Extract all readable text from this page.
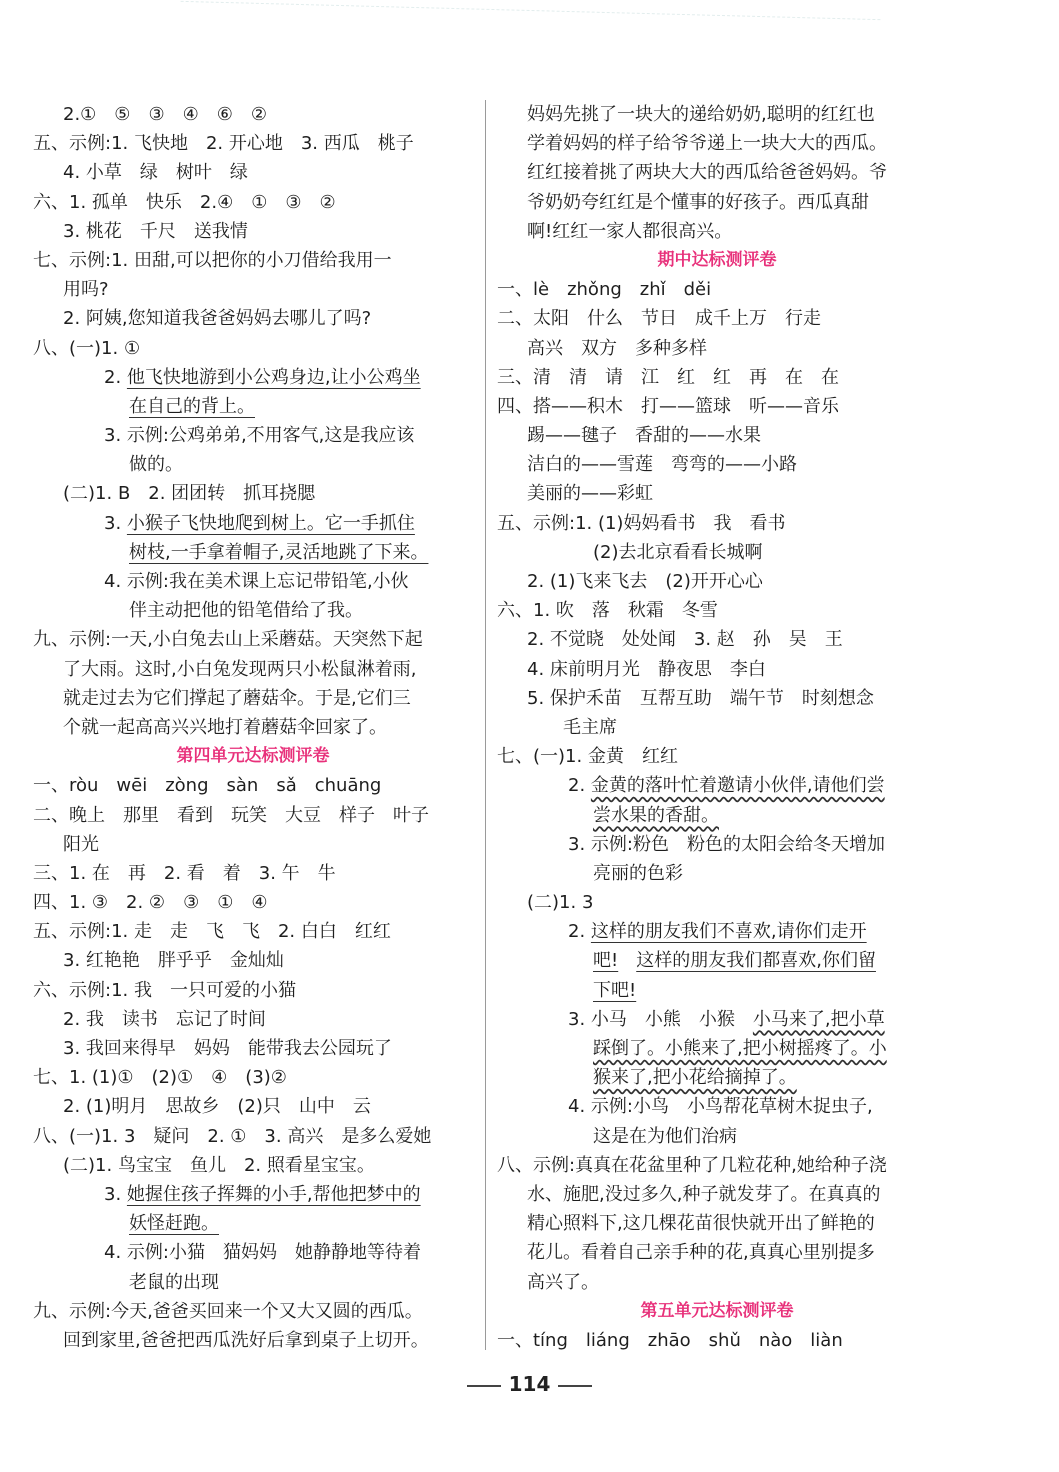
2.①　⑤　③　④　⑥　②
五、示例:1. 飞快地　2. 开心地　3. 西瓜　桃子
4. 小草　绿　树叶　绿
六、1. 孤单　快乐　2.④　①　③　②
3. 桃花　千尺　送我情
七、示例:1. 田甜,可以把你的小刀借给我用一
用吗?
2. 阿姨,您知道我爸爸妈妈去哪儿了吗?
八、(一)1. ①
2. 他飞快地游到小公鸡身边,让小公鸡坐
在自己的背上。
3. 示例:公鸡弟弟,不用客气,这是我应该
做的。
(二)1. B　2. 团团转　抓耳挠腮
3. 小猴子飞快地爬到树上。它一手抓住
树枝,一手拿着帽子,灵活地跳了下来。
4. 示例:我在美术课上忘记带铅笔,小伙
伴主动把他的铅笔借给了我。
九、示例:一天,小白兔去山上采蘑菇。天突然下起
了大雨。这时,小白兔发现两只小松鼠淋着雨,
就走过去为它们撑起了蘑菇伞。于是,它们三
个就一起高高兴兴地打着蘑菇伞回家了。
第四单元达标测评卷
一、ròu　wēi　zòng　sàn　sǎ　chuāng
二、晚上　那里　看到　玩笑　大豆　样子　叶子
阳光
三、1. 在　再　2. 看　着　3. 午　牛
四、1. ③　2. ②　③　①　④
五、示例:1. 走　走　飞　飞　2. 白白　红红
3. 红艳艳　胖乎乎　金灿灿
六、示例:1. 我　一只可爱的小猫
2. 我　读书　忘记了时间
3. 我回来得早　妈妈　能带我去公园玩了
七、1. (1)①　(2)①　④　(3)②
2. (1)明月　思故乡　(2)只　山中　云
八、(一)1. 3　疑问　2. ①　3. 高兴　是多么爱她
(二)1. 鸟宝宝　鱼儿　2. 照看星宝宝。
3. 她握住孩子挥舞的小手,帮他把梦中的
妖怪赶跑。
4. 示例:小猫　猫妈妈　她静静地等待着
老鼠的出现
九、示例:今天,爸爸买回来一个又大又圆的西瓜。
回到家里,爸爸把西瓜洗好后拿到桌子上切开。
妈妈先挑了一块大的递给奶奶,聪明的红红也
学着妈妈的样子给爷爷递上一块大大的西瓜。
红红接着挑了两块大大的西瓜给爸爸妈妈。爷
爷奶奶夸红红是个懂事的好孩子。西瓜真甜
啊!红红一家人都很高兴。
期中达标测评卷
一、lè　zhǒng　zhǐ　děi
二、太阳　什么　节日　成千上万　行走
高兴　双方　多种多样
三、清　清　请　江　红　红　再　在　在
四、搭——积木　打——篮球　听——音乐
踢——毽子　香甜的——水果
洁白的——雪莲　弯弯的——小路
美丽的——彩虹
五、示例:1. (1)妈妈看书　我　看书
(2)去北京看看长城啊
2. (1)飞来飞去　(2)开开心心
六、1. 吹　落　秋霜　冬雪
2. 不觉晓　处处闻　3. 赵　孙　吴　王
4. 床前明月光　静夜思　李白
5. 保护禾苗　互帮互助　端午节　时刻想念
毛主席
七、(一)1. 金黄　红红
2. 金黄的落叶忙着邀请小伙伴,请他们尝
尝水果的香甜。
3. 示例:粉色　粉色的太阳会给冬天增加
亮丽的色彩
(二)1. 3
2. 这样的朋友我们不喜欢,请你们走开
吧!　 这样的朋友我们都喜欢,你们留
下吧!
3. 小马　小熊　小猴　小马来了,把小草
踩倒了。小熊来了,把小树摇疼了。小
猴来了,把小花给摘掉了。
4. 示例:小鸟　小鸟帮花草树木捉虫子,
这是在为他们治病
八、示例:真真在花盆里种了几粒花种,她给种子浇
水、施肥,没过多久,种子就发芽了。在真真的
精心照料下,这几棵花苗很快就开出了鲜艳的
花儿。看着自己亲手种的花,真真心里别提多
高兴了。
第五单元达标测评卷
一、tíng　liáng　zhāo　shǔ　nào　liàn
114
